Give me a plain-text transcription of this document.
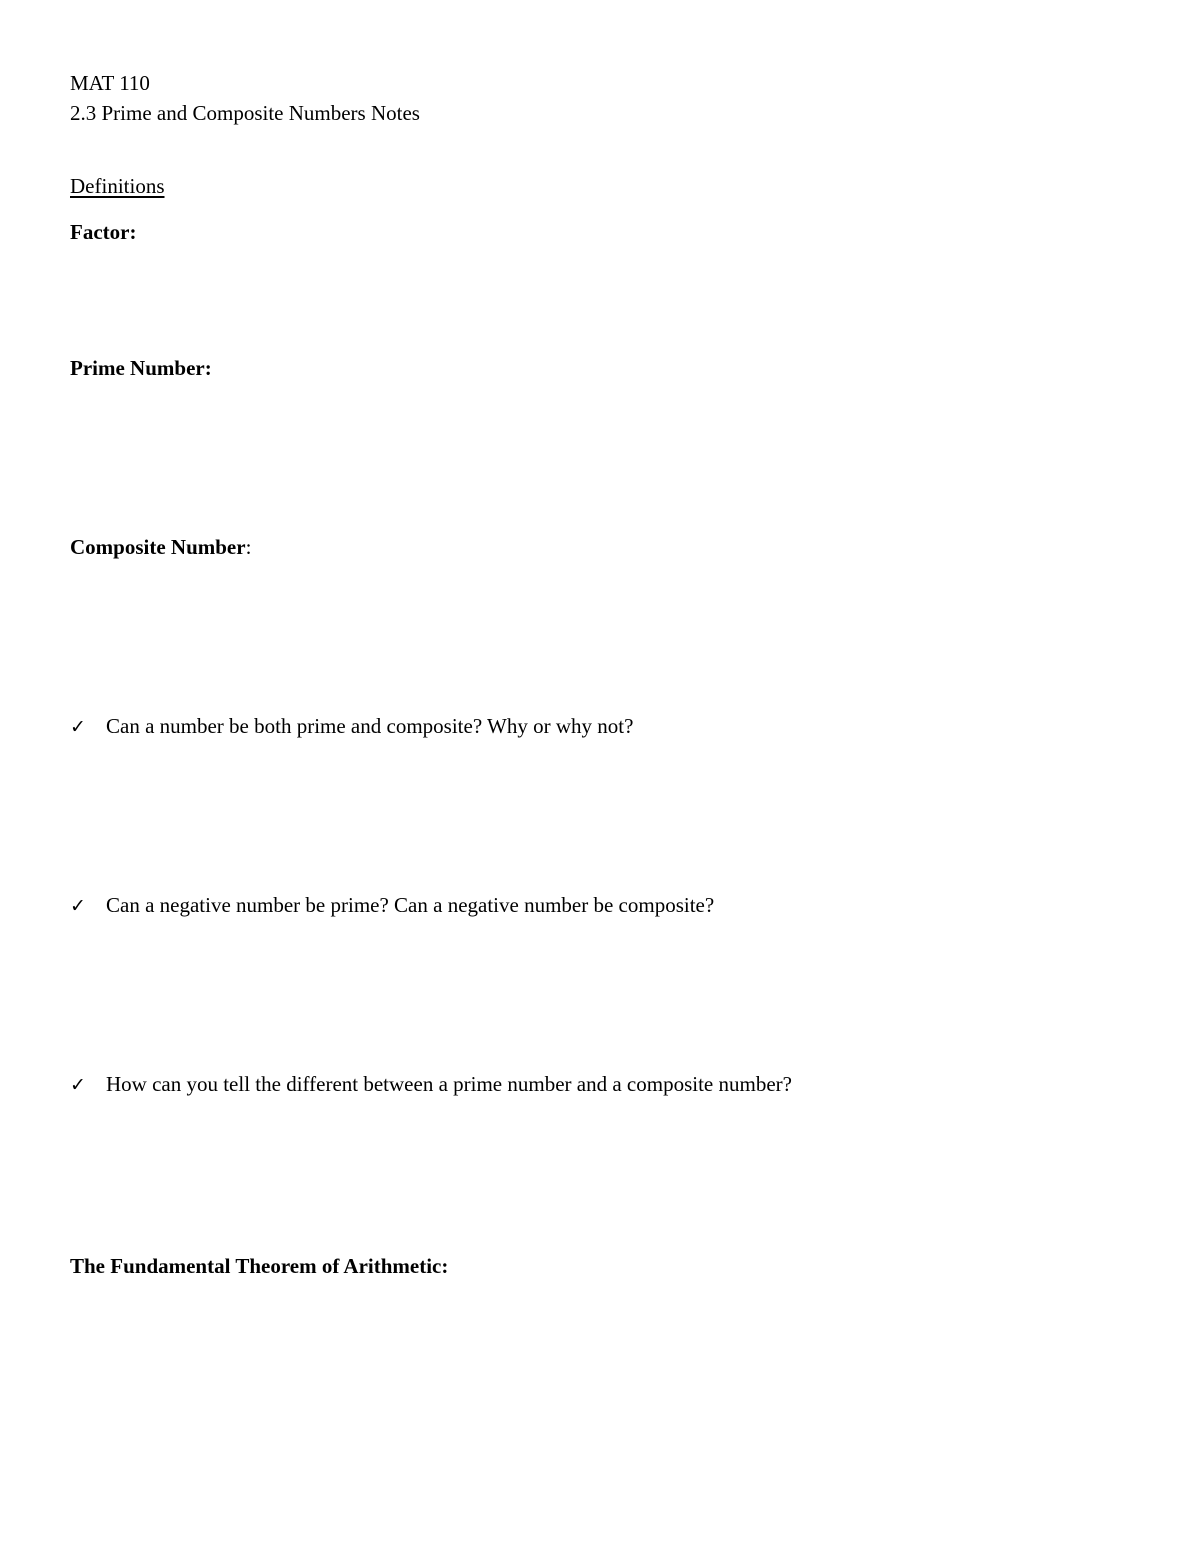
MAT 110
2.3 Prime and Composite Numbers Notes
Definitions
Factor:
Prime Number:
Composite Number:
✓ Can a number be both prime and composite? Why or why not?
✓ Can a negative number be prime? Can a negative number be composite?
✓ How can you tell the different between a prime number and a composite number?
The Fundamental Theorem of Arithmetic:
